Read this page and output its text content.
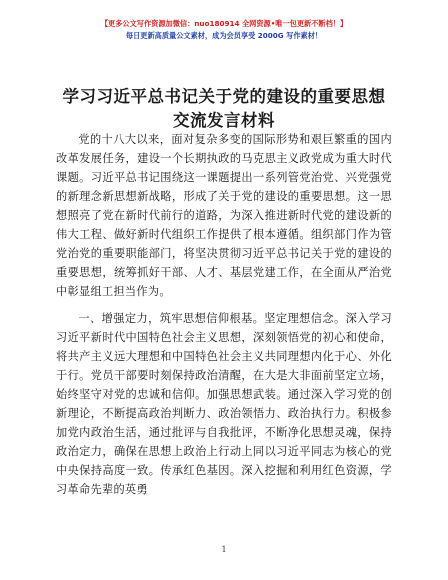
【更多公文写作资源加微信：nuo180914 全网资源•唯一包更新不断档！】
每日更新高质量公文素材，成为会员享受 2000G 写作素材！
学习习近平总书记关于党的建设的重要思想交流发言材料

党的十八大以来，面对复杂多变的国际形势和艰巨繁重的国内改革发展任务，建设一个长期执政的马克思主义政党成为重大时代课题。习近平总书记围绕这一课题提出一系列管党治党、兴党强党的新理念新思想新战略，形成了关于党的建设的重要思想。这一思想照亮了党在新时代前行的道路，为深入推进新时代党的建设新的伟大工程、做好新时代组织工作提供了根本遵循。组织部门作为管党治党的重要职能部门，将坚决贯彻习近平总书记关于党的建设的重要思想，统筹抓好干部、人才、基层党建工作，在全面从严治党中彰显组工担当作为。

一、增强定力，筑牢思想信仰根基。坚定理想信念。深入学习习近平新时代中国特色社会主义思想，深刻领悟党的初心和使命，将共产主义远大理想和中国特色社会主义共同理想内化于心、外化于行。党员干部要时刻保持政治清醒，在大是大非面前坚定立场，始终坚守对党的忠诚和信仰。加强思想武装。通过深入学习党的创新理论，不断提高政治判断力、政治领悟力、政治执行力。积极参加党内政治生活，通过批评与自我批评，不断净化思想灵魂，保持政治定力，确保在思想上政治上行动上同以习近平同志为核心的党中央保持高度一致。传承红色基因。深入挖掘和利用红色资源，学习革命先辈的英勇

1
